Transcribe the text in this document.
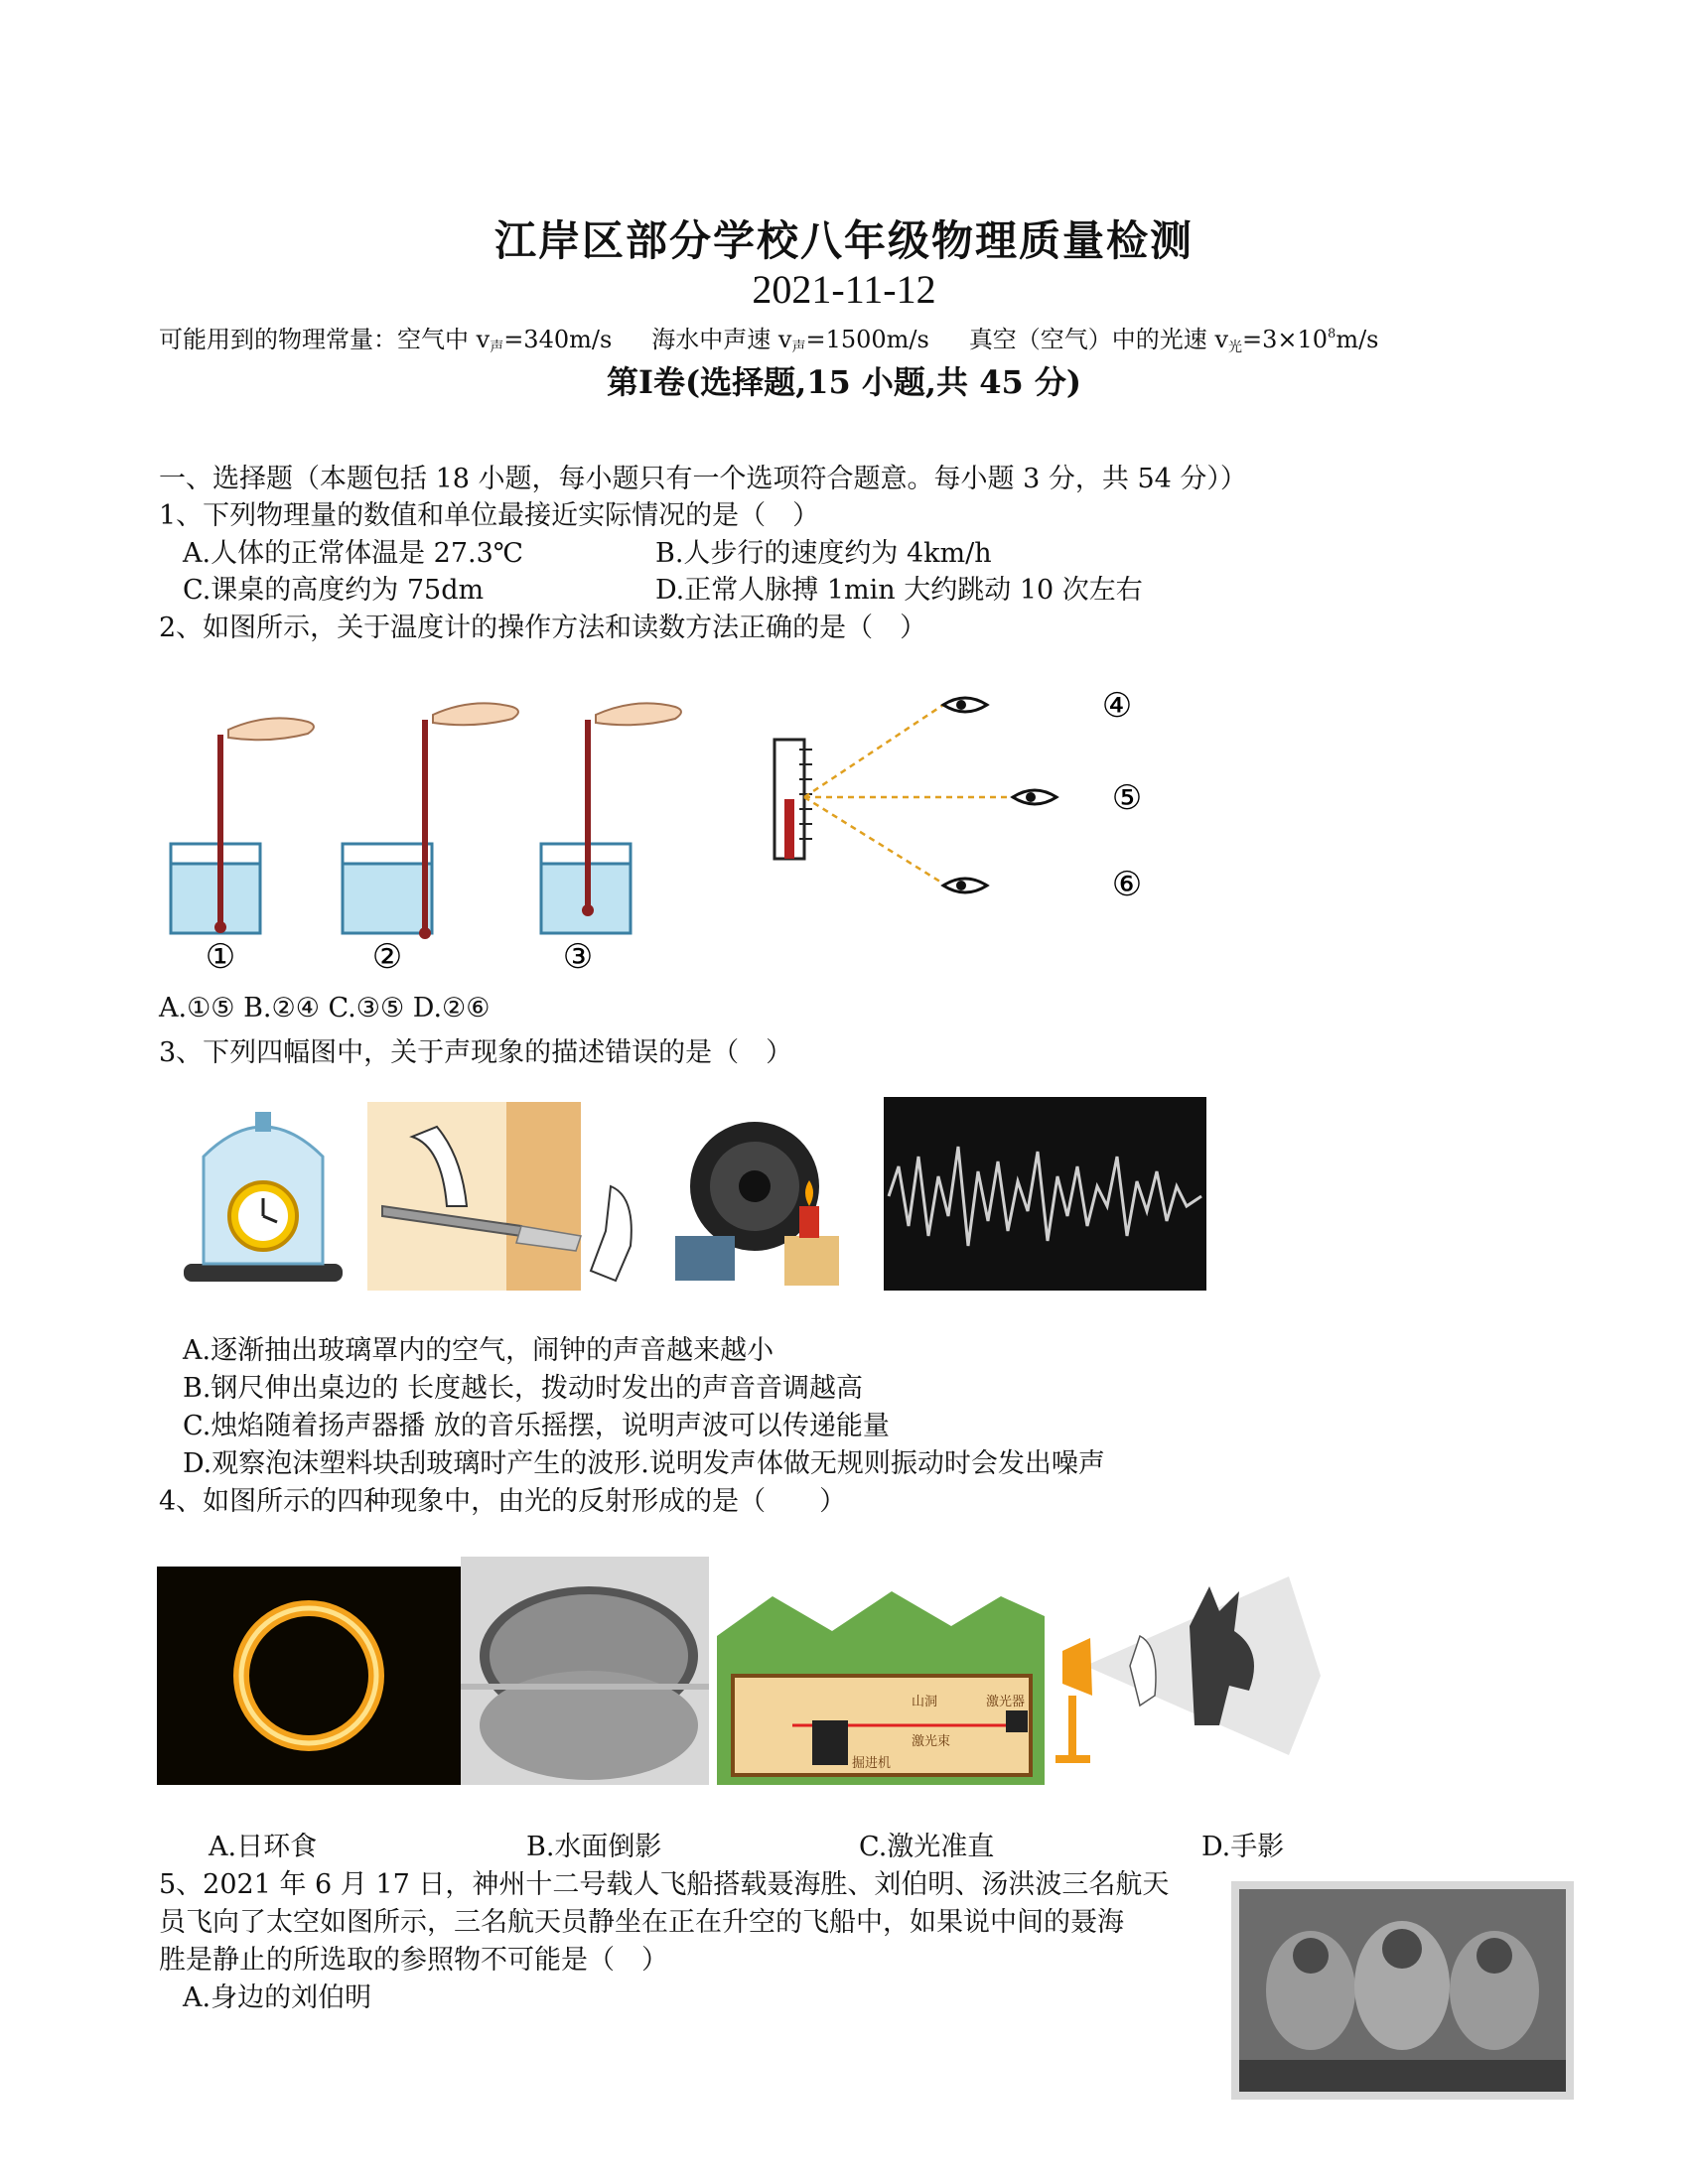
江岸区部分学校八年级物理质量检测
2021-11-12
可能用到的物理常量：空气中 $v_声=340m/s$ 海水中声速 $v_声=1500m/s$ 真空（空气）中的光速 $v_光=3\times 10^8m/s$
第Ⅰ卷(选择题,15 小题,共 45 分)
一、选择题（本题包括 18 小题，每小题只有一个选项符合题意。每小题 3 分，共 54 分））
1、下列物理量的数值和单位最接近实际情况的是（　）
A.人体的正常体温是 27.3℃	B.人步行的速度约为 4km/h
C.课桌的高度约为 75dm	D.正常人脉搏 1min 大约跳动 10 次左右
2、如图所示，关于温度计的操作方法和读数方法正确的是（　）
①	②	③
④
⑤
⑥
A.①⑤ B.②④ C.③⑤ D.②⑥
3、下列四幅图中，关于声现象的描述错误的是（　）
A.逐渐抽出玻璃罩内的空气，闹钟的声音越来越小
B.钢尺伸出桌边的 长度越长，拨动时发出的声音音调越高
C.烛焰随着扬声器播 放的音乐摇摆，说明声波可以传递能量
D.观察泡沫塑料块刮玻璃时产生的波形.说明发声体做无规则振动时会发出噪声
4、如图所示的四种现象中，由光的反射形成的是（　　）
山洞	激光器
激光束
掘进机
A.日环食	B.水面倒影	C.激光准直	D.手影
5、2021 年 6 月 17 日，神州十二号载人飞船搭载聂海胜、刘伯明、汤洪波三名航天
员飞向了太空如图所示，三名航天员静坐在正在升空的飞船中，如果说中间的聂海
胜是静止的所选取的参照物不可能是（　）
A.身边的刘伯明
